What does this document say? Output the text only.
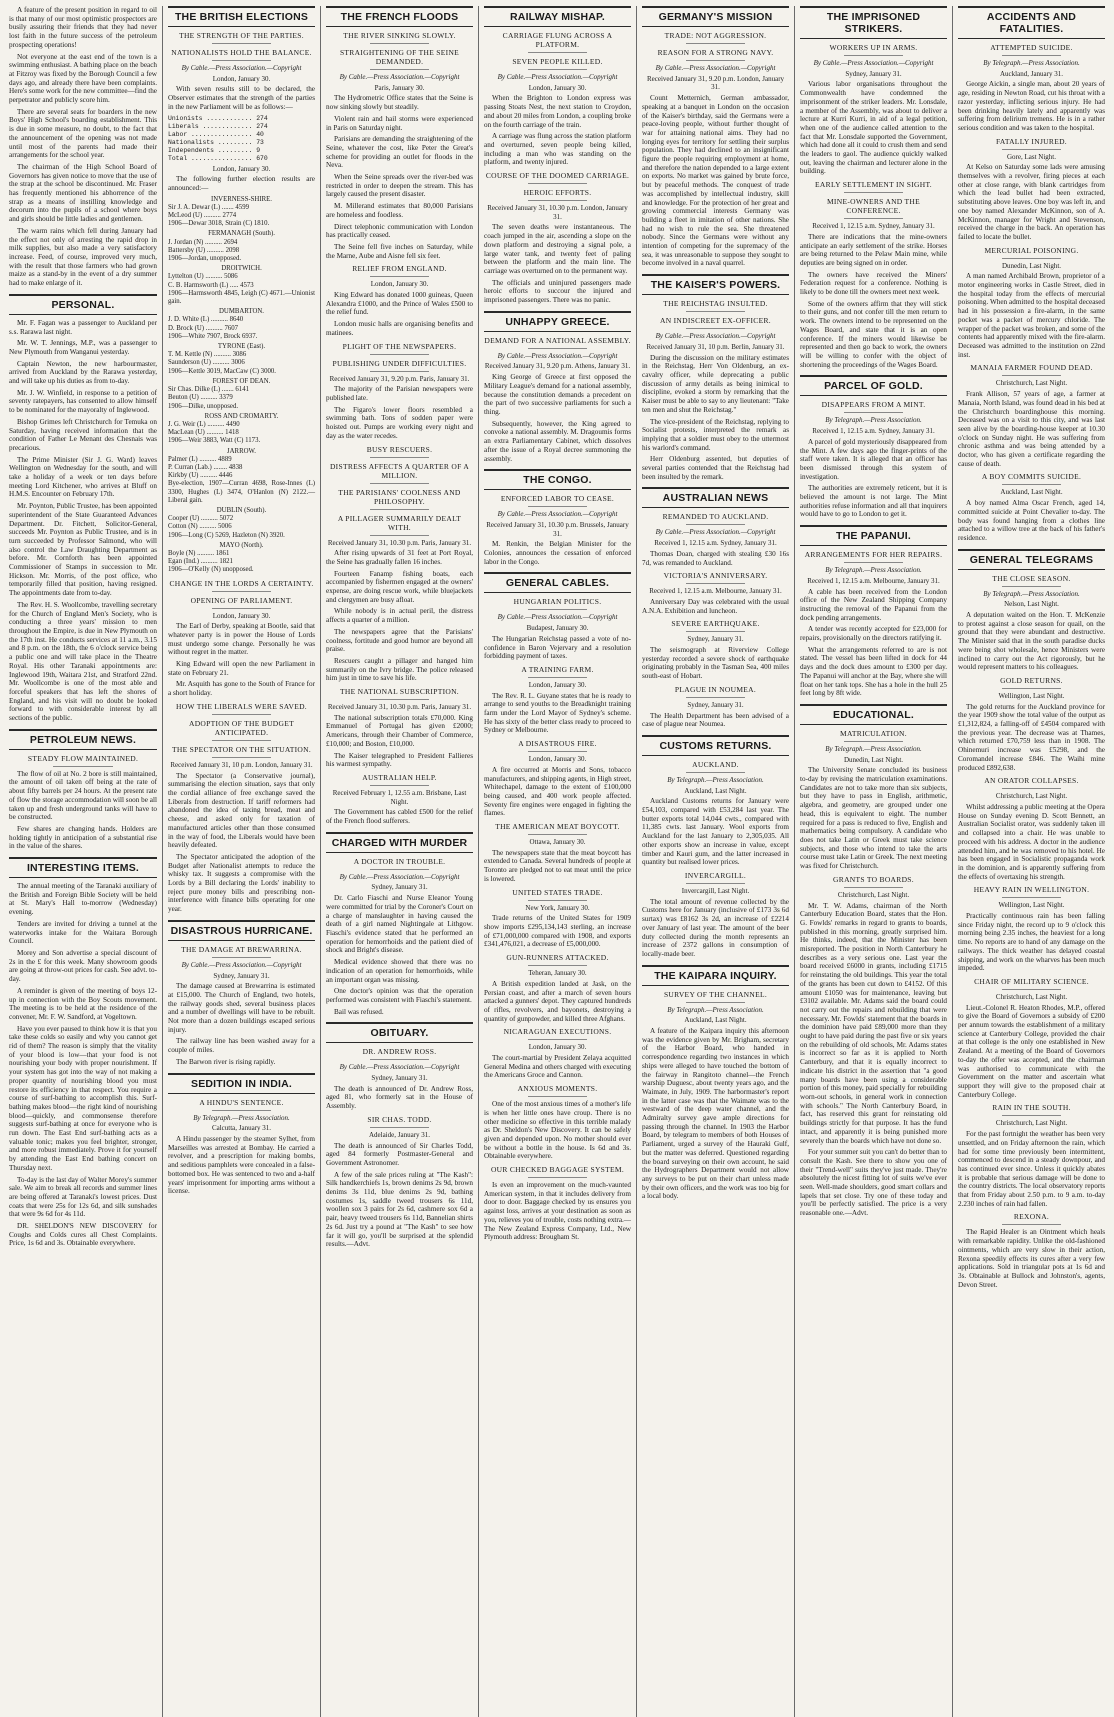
A feature of the present position in regard to oil is that many of our most optimistic prospectors are busily assuring their friends that they had never lost faith in the future success of the petroleum prospecting operations!

Not everyone at the east end of the town is a swimming enthusiast. A bathing place on the beach at Fitzroy was fixed by the Borough Council a few days ago, and already there have been complaints. Here's some work for the new committee—find the perpetrator and publicly score him.

There are several seats for boarders in the new Boys' High School's boarding establishment. This is due in some measure, no doubt, to the fact that the announcement of the opening was not made until most of the parents had made their arrangements for the school year.

The chairman of the High School Board of Governors has given notice to move that the use of the strap at the school be discontinued. Mr. Fraser has frequently mentioned his abhorrence of the strap as a means of instilling knowledge and decorum into the pupils of a school where boys and girls should be little ladies and gentlemen.

The warm rains which fell during January had the effect not only of arresting the rapid drop in milk supplies, but also made a very satisfactory increase. Feed, of course, improved very much, with the result that those farmers who had grown maize as a stand-by in the event of a dry summer had to make enlarge of it.

PERSONAL.

Mr. F. Fagan was a passenger to Auckland per s.s. Rarawa last night.

Mr. W. T. Jennings, M.P., was a passenger to New Plymouth from Wanganui yesterday.

Captain Newton, the new harbourmaster, arrived from Auckland by the Rarawa yesterday, and will take up his duties as from to-day.

Mr. J. W. Winfield, in response to a petition of seventy ratepayers, has consented to allow himself to be nominated for the mayoralty of Inglewood.

Bishop Grimes left Christchurch for Temuka on Saturday, having received information that the condition of Father Le Menant des Chesnais was precarious.

The Prime Minister (Sir J. G. Ward) leaves Wellington on Wednesday for the south, and will take a holiday of a week or ten days before meeting Lord Kitchener, who arrives at Bluff on H.M.S. Encounter on February 17th.

Mr. Poynton, Public Trustee, has been appointed superintendent of the State Guaranteed Advances Department. Dr. Fitchett, Solicitor-General, succeeds Mr. Poynton as Public Trustee, and is in turn succeeded by Professor Salmond, who will also control the Law Draughting Department as before. Mr. Cornforth has been appointed Commissioner of Stamps in succession to Mr. Hickson. Mr. Morris, of the post office, who temporarily filled that position, having resigned. The appointments date from to-day.

The Rev. H. S. Woollcombe, travelling secretary for the Church of England Men's Society, who is conducting a three years' mission to men throughout the Empire, is due in New Plymouth on the 17th inst. He conducts services at 11 a.m., 3.15 and 8 p.m. on the 18th, the 6 o'clock service being a public one and will take place in the Theatre Royal. His other Taranaki appointments are: Inglewood 19th, Waitara 21st, and Stratford 22nd. Mr. Woollcombe is one of the most able and forceful speakers that has left the shores of England, and his visit will no doubt be looked forward to with considerable interest by all sections of the public.

PETROLEUM NEWS.
STEADY FLOW MAINTAINED.

The flow of oil at No. 2 bore is still maintained, the amount of oil taken off being at the rate of about fifty barrels per 24 hours. At the present rate of flow the storage accommodation will soon be all taken up and fresh underground tanks will have to be constructed.

Few shares are changing hands. Holders are holding tightly in anticipation of a substantial rise in the value of the shares.

INTERESTING ITEMS.

The annual meeting of the Taranaki auxiliary of the British and Foreign Bible Society will be held at St. Mary's Hall to-morrow (Wednesday) evening.

Tenders are invited for driving a tunnel at the waterworks intake for the Waitara Borough Council.

Morey and Son advertise a special discount of 2s in the £ for this week. Many showroom goods are going at throw-out prices for cash. See advt. to-day.

A reminder is given of the meeting of boys 12-up in connection with the Boy Scouts movement. The meeting is to be held at the residence of the convener, Mr. F. W. Sandford, at Vogeltown.

Have you ever paused to think how it is that you take these colds so easily and why you cannot get rid of them? The reason is simply that the vitality of your blood is low—that your food is not nourishing your body with proper nourishment. If your system has got into the way of not making a proper quantity of nourishing blood you must restore its efficiency in that respect. You require a course of surf-bathing to accomplish this. Surf-bathing makes blood—the right kind of nourishing blood—quickly, and commonsense therefore suggests surf-bathing at once for everyone who is run down. The East End surf-bathing acts as a valuable tonic; makes you feel brighter, stronger, and more robust immediately. Prove it for yourself by attending the East End bathing concert on Thursday next.

To-day is the last day of Walter Morey's summer sale. We aim to break all records and summer lines are being offered at Taranaki's lowest prices. Dust coats that were 25s for 12s 6d, and silk sunshades that were 9s 6d for 4s 11d.

DR. SHELDON'S NEW DISCOVERY for Coughs and Colds cures all Chest Complaints. Price, 1s 6d and 3s. Obtainable everywhere.

THE BRITISH ELECTIONS
THE STRENGTH OF THE PARTIES.
NATIONALISTS HOLD THE BALANCE.
By Cable.—Press Association.—Copyright
London, January 30.

With seven results still to be declared, the Observer estimates that the strength of the parties in the new Parliament will be as follows:—

Unionists ............ 274
Liberals ............. 274
Labor ................ 40
Nationalists ......... 73
Independents ......... 9
Total ................ 670
London, January 30.

The following further election results are announced:—

INVERNESS-SHIRE.
Sir J. A. Dewar (L) ....... 4599
McLeod (U) .......... 2774
1906—Dewar 3018, Strain (C) 1810.
FERMANAGH (South).
J. Jordan (N) .......... 2694
Battersby (U) .......... 2098
1906—Jordan, unopposed.
DROITWICH.
Lyttelton (U) .......... 5086
C. B. Harmsworth (L) ..... 4573
1906—Harmsworth 4845, Leigh (C) 4671.—Unionist gain.
DUMBARTON.
J. D. White (L) .......... 8640
D. Brock (U) .......... 7607
1906—White 7907, Brock 6937.
TYRONE (East).
T. M. Kettle (N) .......... 3086
Saunderson (U) .......... 3006
1906—Kettle 3019, MacCaw (C) 3000.
FOREST OF DEAN.
Sir Chas. Dilke (L) ....... 6141
Beuton (U) .......... 3379
1906—Dilke, unopposed.
ROSS AND CROMARTY.
J. G. Weir (L) .......... 4490
MacLean (U) .......... 1418
1906—Weir 3883, Watt (C) 1173.
JARROW.
Palmer (L) .......... 4889
P. Curran (Lab.) ........ 4838
Kirkby (U) .......... 4446
Bye-election, 1907—Curran 4698, Rose-Innes (L) 3300, Hughes (L) 3474, O'Hanlon (N) 2122.—Liberal gain.
DUBLIN (South).
Cooper (U) .......... 5072
Cotton (N) .......... 5006
1906—Long (C) 5269, Hazleton (N) 3920.
MAYO (North).
Boyle (N) .......... 1861
Egan (Ind.) .......... 1821
1906—O'Kelly (N) unopposed.
CHANGE IN THE LORDS A CERTAINTY.
OPENING OF PARLIAMENT.
London, January 30.

The Earl of Derby, speaking at Bootle, said that whatever party is in power the House of Lords must undergo some change. Personally he was without regret in the matter.

King Edward will open the new Parliament in state on February 21.

Mr. Asquith has gone to the South of France for a short holiday.

HOW THE LIBERALS WERE SAVED.
ADOPTION OF THE BUDGET ANTICIPATED.
THE SPECTATOR ON THE SITUATION.
Received January 31, 10 p.m. London, January 31.

The Spectator (a Conservative journal), summarising the election situation, says that only the cordial alliance of free exchange saved the Liberals from destruction. If tariff reformers had abandoned the idea of taxing bread, meat and cheese, and asked only for taxation of manufactured articles other than those consumed in the way of food, the Liberals would have been heavily defeated.

The Spectator anticipated the adoption of the Budget after Nationalist attempts to reduce the whisky tax. It suggests a compromise with the Lords by a Bill declaring the Lords' inability to reject pure money bills and prescribing non-interference with finance bills operating for one year.

DISASTROUS HURRICANE.
THE DAMAGE AT BREWARRINA.
By Cable.—Press Association.—Copyright
Sydney, January 31.

The damage caused at Brewarrina is estimated at £15,000. The Church of England, two hotels, the railway goods shed, several business places and a number of dwellings will have to be rebuilt. Not more than a dozen buildings escaped serious injury.

The railway line has been washed away for a couple of miles.

The Barwon river is rising rapidly.

SEDITION IN INDIA.
A HINDU'S SENTENCE.
By Telegraph.—Press Association.
Calcutta, January 31.

A Hindu passenger by the steamer Sylhet, from Marseilles was arrested at Bombay. He carried a revolver, and a prescription for making bombs, and seditious pamphlets were concealed in a false-bottomed box. He was sentenced to two and a-half years' imprisonment for importing arms without a license.

THE FRENCH FLOODS
THE RIVER SINKING SLOWLY.
STRAIGHTENING OF THE SEINE DEMANDED.
By Cable.—Press Association.—Copyright
Paris, January 30.

The Hydrometric Office states that the Seine is now sinking slowly but steadily.

Violent rain and hail storms were experienced in Paris on Saturday night.

Parisians are demanding the straightening of the Seine, whatever the cost, like Peter the Great's scheme for providing an outlet for floods in the Neva.

When the Seine spreads over the river-bed was restricted in order to deepen the stream. This has largely caused the present disaster.

M. Millerand estimates that 80,000 Parisians are homeless and foodless.

Direct telephonic communication with London has practically ceased.

The Seine fell five inches on Saturday, while the Marne, Aube and Aisne fell six feet.

RELIEF FROM ENGLAND.
London, January 30.

King Edward has donated 1000 guineas, Queen Alexandra £1000, and the Prince of Wales £500 to the relief fund.

London music halls are organising benefits and matinees.

PLIGHT OF THE NEWSPAPERS.
PUBLISHING UNDER DIFFICULTIES.
Received January 31, 9.20 p.m. Paris, January 31.

The majority of the Parisian newspapers were published late.

The Figaro's lower floors resembled a swimming bath. Tons of sodden paper were hoisted out. Pumps are working every night and day as the water recedes.

BUSY RESCUERS.
DISTRESS AFFECTS A QUARTER OF A MILLION.
THE PARISIANS' COOLNESS AND PHILOSOPHY.
A PILLAGER SUMMARILY DEALT WITH.
Received January 31, 10.30 p.m. Paris, January 31.

After rising upwards of 31 feet at Port Royal, the Seine has gradually fallen 16 inches.

Fourteen Fanamp fishing boats, each accompanied by fishermen engaged at the owners' expense, are doing rescue work, while bluejackets and clergymen are busy afloat.

While nobody is in actual peril, the distress affects a quarter of a million.

The newspapers agree that the Parisians' coolness, fortitude and good humor are beyond all praise.

Rescuers caught a pillager and hanged him summarily on the Ivry bridge. The police released him just in time to save his life.

THE NATIONAL SUBSCRIPTION.
Received January 31, 10.30 p.m. Paris, January 31.

The national subscription totals £70,000. King Emmanuel of Portugal has given £2000; Americans, through their Chamber of Commerce, £10,000; and Boston, £10,000.

The Kaiser telegraphed to President Fallieres his warmest sympathy.

AUSTRALIAN HELP.
Received February 1, 12.55 a.m. Brisbane, Last Night.

The Government has cabled £500 for the relief of the French flood sufferers.

CHARGED WITH MURDER
A DOCTOR IN TROUBLE.
By Cable.—Press Association.—Copyright
Sydney, January 31.

Dr. Carlo Fiaschi and Nurse Eleanor Young were committed for trial by the Coroner's Court on a charge of manslaughter in having caused the death of a girl named Nightingale at Lithgow. Fiaschi's evidence stated that he performed an operation for hemorrhoids and the patient died of shock and Bright's disease.

Medical evidence showed that there was no indication of an operation for hemorrhoids, while an important organ was missing.

One doctor's opinion was that the operation performed was consistent with Fiaschi's statement.

Bail was refused.

OBITUARY.
DR. ANDREW ROSS.
By Cable.—Press Association.—Copyright
Sydney, January 31.

The death is announced of Dr. Andrew Ross, aged 81, who formerly sat in the House of Assembly.

SIR CHAS. TODD.
Adelaide, January 31.

The death is announced of Sir Charles Todd, aged 84 formerly Postmaster-General and Government Astronomer.

A few of the sale prices ruling at "The Kash": Silk handkerchiefs 1s, brown denims 2s 9d, brown denims 3s 11d, blue denims 2s 9d, bathing costumes 1s, saddle tweed trousers 6s 11d, woollen sox 3 pairs for 2s 6d, cashmere sox 6d a pair, heavy tweed trousers 6s 11d, Bannelian shirts 2s 6d. Just try a pound at "The Kash" to see how far it will go, you'll be surprised at the splendid results.—Advt.

RAILWAY MISHAP.
CARRIAGE FLUNG ACROSS A PLATFORM.
SEVEN PEOPLE KILLED.
By Cable.—Press Association.—Copyright
London, January 30.

When the Brighton to London express was passing Stoats Nest, the next station to Croydon, and about 20 miles from London, a coupling broke on the fourth carriage of the train.

A carriage was flung across the station platform and overturned, seven people being killed, including a man who was standing on the platform, and twenty injured.

COURSE OF THE DOOMED CARRIAGE.
HEROIC EFFORTS.
Received January 31, 10.30 p.m. London, January 31.

The seven deaths were instantaneous. The coach jumped in the air, ascending a slope on the down platform and destroying a signal pole, a large water tank, and twenty feet of paling between the platform and the main line. The carriage was overturned on to the permanent way.

The officials and uninjured passengers made heroic efforts to succour the injured and imprisoned passengers. There was no panic.

UNHAPPY GREECE.
DEMAND FOR A NATIONAL ASSEMBLY.
By Cable.—Press Association.—Copyright
Received January 31, 9.20 p.m. Athens, January 31.

King George of Greece at first opposed the Military League's demand for a national assembly, because the constitution demands a precedent on the part of two successive parliaments for such a thing.

Subsequently, however, the King agreed to convoke a national assembly. M. Dragoumis forms an extra Parliamentary Cabinet, which dissolves after the issue of a Royal decree summoning the assembly.

THE CONGO.
ENFORCED LABOR TO CEASE.
By Cable.—Press Association.—Copyright
Received January 31, 10.30 p.m. Brussels, January 31.

M. Renkin, the Belgian Minister for the Colonies, announces the cessation of enforced labor in the Congo.

GENERAL CABLES.
HUNGARIAN POLITICS.
By Cable.—Press Association.—Copyright
Budapest, January 30.

The Hungarian Reichstag passed a vote of no-confidence in Baron Vejervary and a resolution forbidding payment of taxes.

A TRAINING FARM.
London, January 30.

The Rev. R. L. Guyane states that he is ready to arrange to send youths to the Breadknight training farm under the Lord Mayor of Sydney's scheme. He has sixty of the better class ready to proceed to Sydney or Melbourne.

A DISASTROUS FIRE.
London, January 30.

A fire occurred at Morris and Sons, tobacco manufacturers, and shipping agents, in High street, Whitechapel, damage to the extent of £100,000 being caused, and 400 work people affected. Seventy fire engines were engaged in fighting the flames.

THE AMERICAN MEAT BOYCOTT.
Ottawa, January 30.

The newspapers state that the meat boycott has extended to Canada. Several hundreds of people at Toronto are pledged not to eat meat until the price is lowered.

UNITED STATES TRADE.
New York, January 30.

Trade returns of the United States for 1909 show imports £295,134,143 sterling, an increase of £71,000,000 compared with 1908, and exports £341,476,021, a decrease of £5,000,000.

GUN-RUNNERS ATTACKED.
Teheran, January 30.

A British expedition landed at Jask, on the Persian coast, and after a march of seven hours attacked a gunners' depot. They captured hundreds of rifles, revolvers, and bayonets, destroying a quantity of gunpowder, and killed three Afghans.

NICARAGUAN EXECUTIONS.
London, January 30.

The court-martial by President Zelaya acquitted General Medina and others charged with executing the Americans Groce and Cannon.

ANXIOUS MOMENTS.

One of the most anxious times of a mother's life is when her little ones have croup. There is no other medicine so effective in this terrible malady as Dr. Sheldon's New Discovery. It can be safely given and depended upon. No mother should ever be without a bottle in the house. Is 6d and 3s. Obtainable everywhere.

OUR CHECKED BAGGAGE SYSTEM.

Is even an improvement on the much-vaunted American system, in that it includes delivery from door to door. Baggage checked by us ensures you against loss, arrives at your destination as soon as you, relieves you of trouble, costs nothing extra.—The New Zealand Express Company, Ltd., New Plymouth address: Brougham St.

GERMANY'S MISSION
TRADE: NOT AGGRESSION.
REASON FOR A STRONG NAVY.
By Cable.—Press Association.—Copyright
Received January 31, 9.20 p.m. London, January 31.

Count Metternich, German ambassador, speaking at a banquet in London on the occasion of the Kaiser's birthday, said the Germans were a peace-loving people, without further thought of war for attaining national aims. They had no longing eyes for territory for settling their surplus population. They had declined to an insignificant figure the people requiring employment at home, and therefore the nation depended to a large extent on exports. No market was gained by brute force, but by peaceful methods. The conquest of trade was accomplished by intellectual industry, skill and knowledge. For the protection of her great and growing commercial interests Germany was building a fleet in imitation of other nations. She had no wish to rule the sea. She threatened nobody. Since the Germans were without any intention of competing for the supremacy of the sea, it was unreasonable to suppose they sought to become involved in a naval quarrel.

THE KAISER'S POWERS.
THE REICHSTAG INSULTED.
AN INDISCREET EX-OFFICER.
By Cable.—Press Association.—Copyright
Received January 31, 10 p.m. Berlin, January 31.

During the discussion on the military estimates in the Reichstag, Herr Von Oldenburg, an ex-cavalry officer, while deprecating a public discussion of army details as being inimical to discipline, evoked a storm by remarking that the Kaiser must be able to say to any lieutenant: "Take ten men and shut the Reichstag."

The vice-president of the Reichstag, replying to Socialist protests, interpreted the remark as implying that a soldier must obey to the uttermost his warlord's command.

Herr Oldenburg assented, but deputies of several parties contended that the Reichstag had been insulted by the remark.

AUSTRALIAN NEWS
REMANDED TO AUCKLAND.
By Cable.—Press Association.—Copyright
Received 1, 12.15 a.m. Sydney, January 31.

Thomas Doan, charged with stealing £30 16s 7d, was remanded to Auckland.

VICTORIA'S ANNIVERSARY.
Received 1, 12.15 a.m. Melbourne, January 31.

Anniversary Day was celebrated with the usual A.N.A. Exhibition and luncheon.

SEVERE EARTHQUAKE.
Sydney, January 31.

The seismograph at Riverview College yesterday recorded a severe shock of earthquake originating probably in the Tasman Sea, 400 miles south-east of Hobart.

PLAGUE IN NOUMEA.
Sydney, January 31.

The Health Department has been advised of a case of plague near Noumea.

CUSTOMS RETURNS.
AUCKLAND.
By Telegraph.—Press Association.
Auckland, Last Night.

Auckland Customs returns for January were £54,103, compared with £53,284 last year. The butter exports total 14,044 cwts., compared with 11,385 cwts. last January. Wool exports from Auckland for the last January to 2,305,035. All other exports show an increase in value, except timber and Kauri gum, and the latter increased in quantity but realised lower prices.

INVERCARGILL.
Invercargill, Last Night.

The total amount of revenue collected by the Customs here for January (inclusive of £173 3s 6d surtax) was £8162 3s 2d, an increase of £2214 over January of last year. The amount of the beer duty collected during the month represents an increase of 2372 gallons in consumption of locally-made beer.

THE KAIPARA INQUIRY.
SURVEY OF THE CHANNEL.
By Telegraph.—Press Association.
Auckland, Last Night.

A feature of the Kaipara inquiry this afternoon was the evidence given by Mr. Brigham, secretary of the Harbor Board, who handed in correspondence regarding two instances in which ships were alleged to have touched the bottom of the fairway in Rangitoto channel—the French warship Duguesc, about twenty years ago, and the Waimate, in July, 1909. The harbormaster's report in the latter case was that the Waimate was to the westward of the deep water channel, and the Admiralty survey gave ample directions for passing through the channel. In 1903 the Harbor Board, by telegram to members of both Houses of Parliament, urged a survey of the Hauraki Gulf, but the matter was deferred. Questioned regarding the board surveying on their own account, he said the Hydrographers Department would not allow any surveys to be put on their chart unless made by their own officers, and the work was too big for a local body.

THE IMPRISONED STRIKERS.
WORKERS UP IN ARMS.
By Cable.—Press Association.—Copyright
Sydney, January 31.

Various labor organisations throughout the Commonwealth have condemned the imprisonment of the striker leaders. Mr. Lonsdale, a member of the Assembly, was about to deliver a lecture at Kurri Kurri, in aid of a legal petition, when one of the audience called attention to the fact that Mr. Lonsdale supported the Government, which had done all it could to crush them and send the leaders to gaol. The audience quickly walked out, leaving the chairman and lecturer alone in the building.

EARLY SETTLEMENT IN SIGHT.
MINE-OWNERS AND THE CONFERENCE.
Received 1, 12.15 a.m. Sydney, January 31.

There are indications that the mine-owners anticipate an early settlement of the strike. Horses are being returned to the Pelaw Main mine, while deputies are being signed on in order.

The owners have received the Miners' Federation request for a conference. Nothing is likely to be done till the owners meet next week.

Some of the owners affirm that they will stick to their guns, and not confer till the men return to work. The owners intend to be represented on the Wages Board, and state that it is an open conference. If the miners would likewise be represented and then go back to work, the owners will be willing to confer with the object of shortening the proceedings of the Wages Board.

PARCEL OF GOLD.
DISAPPEARS FROM A MINT.
By Telegraph.—Press Association.
Received 1, 12.15 a.m. Sydney, January 31.

A parcel of gold mysteriously disappeared from the Mint. A few days ago the finger-prints of the staff were taken. It is alleged that an officer has been dismissed through this system of investigation.

The authorities are extremely reticent, but it is believed the amount is not large. The Mint authorities refuse information and all that inquirers would have to go to London to get it.

THE PAPANUI.
ARRANGEMENTS FOR HER REPAIRS.
By Telegraph.—Press Association.
Received 1, 12.15 a.m. Melbourne, January 31.

A cable has been received from the London office of the New Zealand Shipping Company instructing the removal of the Papanui from the dock pending arrangements.

A tender was recently accepted for £23,000 for repairs, provisionally on the directors ratifying it.

What the arrangements referred to are is not stated. The vessel has been lifted in dock for 44 days and the dock dues amount to £300 per day. The Papanui will anchor at the Bay, where she will float on her tank tops. She has a hole in the hull 25 feet long by 8ft wide.

EDUCATIONAL.
MATRICULATION.
By Telegraph.—Press Association.
Dunedin, Last Night.

The University Senate concluded its business to-day by revising the matriculation examinations. Candidates are not to take more than six subjects, but they have to pass in English, arithmetic, algebra, and geometry, are grouped under one head, this is equivalent to eight. The number required for a pass is reduced to five, English and mathematics being compulsory. A candidate who does not take Latin or Greek must take science subjects, and those who intend to take the arts course must take Latin or Greek. The next meeting was fixed for Christchurch.

GRANTS TO BOARDS.
Christchurch, Last Night.

Mr. T. W. Adams, chairman of the North Canterbury Education Board, states that the Hon. G. Fowlds' remarks in regard to grants to boards, published in this morning, greatly surprised him. He thinks, indeed, that the Minister has been misreported. The position in North Canterbury he describes as a very serious one. Last year the board received £6000 in grants, including £1715 for reinstating the old buildings. This year the total of the grants has been cut down to £4152. Of this amount £1050 was for maintenance, leaving but £3102 available. Mr. Adams said the board could not carry out the repairs and rebuilding that were necessary. Mr. Fowlds' statement that the boards in the dominion have paid £89,000 more than they ought to have paid during the past five or six years on the rebuilding of old schools, Mr. Adams states is incorrect so far as it is applied to North Canterbury, and that it is equally incorrect to indicate his district in the assertion that "a good many boards have been using a considerable portion of this money, paid specially for rebuilding worn-out schools, in general work in connection with schools." The North Canterbury Board, in fact, has reserved this grant for reinstating old buildings strictly for that purpose. It has the fund intact, and apparently it is being punished more severely than the boards which have not done so.

For your summer suit you can't do better than to consult the Kash. See there to show you one of their "Trend-well" suits they've just made. They're absolutely the nicest fitting lot of suits we've ever seen. Well-made shoulders, good smart collars and lapels that set close. Try one of these today and you'll be perfectly satisfied. The price is a very reasonable one.—Advt.

ACCIDENTS AND FATALITIES.
ATTEMPTED SUICIDE.
By Telegraph.—Press Association.
Auckland, January 31.

George Aickin, a single man, about 20 years of age, residing in Newton Road, cut his throat with a razor yesterday, inflicting serious injury. He had been drinking heavily lately and apparently was suffering from delirium tremens. He is in a rather serious condition and was taken to the hospital.

FATALLY INJURED.
Gore, Last Night.

At Kelso on Saturday some lads were amusing themselves with a revolver, firing pieces at each other at close range, with blank cartridges from which the lead bullet had been extracted, substituting above leaves. One boy was left in, and one boy named Alexander McKinnon, son of A. McKinnon, manager for Wright and Stevenson, received the charge in the back. An operation has failed to locate the bullet.

MERCURIAL POISONING.
Dunedin, Last Night.

A man named Archibald Brown, proprietor of a motor engineering works in Castle Street, died in the hospital today from the effects of mercurial poisoning. When admitted to the hospital deceased had in his possession a fire-alarm, in the same pocket was a packet of mercury chloride. The wrapper of the packet was broken, and some of the contents had apparently mixed with the fire-alarm. Deceased was admitted to the institution on 22nd inst.

MANAIA FARMER FOUND DEAD.
Christchurch, Last Night.

Frank Allison, 57 years of age, a farmer at Manaia, North Island, was found dead in his bed at the Christchurch boardinghouse this morning. Deceased was on a visit to this city, and was last seen alive by the boarding-house keeper at 10.30 o'clock on Sunday night. He was suffering from chronic asthma and was being attended by a doctor, who has given a certificate regarding the cause of death.

A BOY COMMITS SUICIDE.
Auckland, Last Night.

A boy named Alma Oscar French, aged 14, committed suicide at Point Chevalier to-day. The body was found hanging from a clothes line attached to a willow tree at the back of his father's residence.

GENERAL TELEGRAMS
THE CLOSE SEASON.
By Telegraph.—Press Association.
Nelson, Last Night.

A deputation waited on the Hon. T. McKenzie to protest against a close season for quail, on the ground that they were abundant and destructive. The Minister said that in the south paradise ducks were being shot wholesale, hence Ministers were inclined to carry out the Act rigorously, but he would represent matters to his colleagues.

GOLD RETURNS.
Wellington, Last Night.

The gold returns for the Auckland province for the year 1909 show the total value of the output as £1,312,824, a falling-off of £4504 compared with the previous year. The decrease was at Thames, which returned £70,759 less than in 1908. The Ohinemuri increase was £5298, and the Coromandel increase £846. The Waihi mine produced £892,638.

AN ORATOR COLLAPSES.
Christchurch, Last Night.

Whilst addressing a public meeting at the Opera House on Sunday evening D. Scott Bennett, an Australian Socialist orator, was suddenly taken ill and collapsed into a chair. He was unable to proceed with his address. A doctor in the audience attended him, and he was removed to his hotel. He has been engaged in Socialistic propaganda work in the dominion, and is apparently suffering from the effects of overtaxing his strength.

HEAVY RAIN IN WELLINGTON.
Wellington, Last Night.

Practically continuous rain has been falling since Friday night, the record up to 9 o'clock this morning being 2.35 inches, the heaviest for a long time. No reports are to hand of any damage on the railways. The thick weather has delayed coastal shipping, and work on the wharves has been much impeded.

CHAIR OF MILITARY SCIENCE.
Christchurch, Last Night.

Lieut.-Colonel R. Heaton Rhodes, M.P., offered to give the Board of Governors a subsidy of £200 per annum towards the establishment of a military science at Canterbury College, provided the chair at that college is the only one established in New Zealand. At a meeting of the Board of Governors to-day the offer was accepted, and the chairman was authorised to communicate with the Government on the matter and ascertain what support they will give to the proposed chair at Canterbury College.

RAIN IN THE SOUTH.
Christchurch, Last Night.

For the past fortnight the weather has been very unsettled, and on Friday afternoon the rain, which had for some time previously been intermittent, commenced to descend in a steady downpour, and has continued ever since. Unless it quickly abates it is probable that serious damage will be done to the country districts. The local observatory reports that from Friday about 2.50 p.m. to 9 a.m. to-day 2.230 inches of rain had fallen.

REXONA.

The Rapid Healer is an Ointment which heals with remarkable rapidity. Unlike the old-fashioned ointments, which are very slow in their action, Rexona speedily effects its cures after a very few applications. Sold in triangular pots at 1s 6d and 3s. Obtainable at Bullock and Johnston's, agents, Devon Street.
